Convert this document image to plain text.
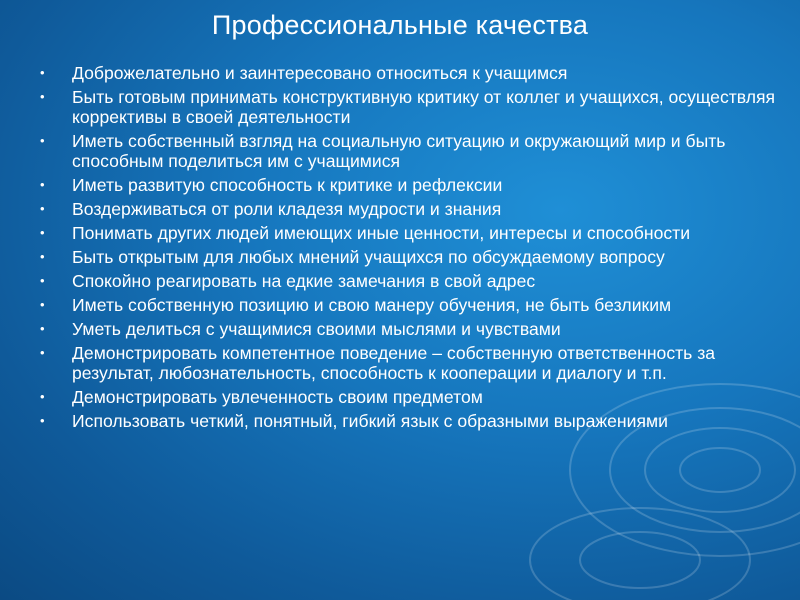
Профессиональные качества
•	Доброжелательно и заинтересовано относиться к учащимся
•	Быть готовым принимать конструктивную критику от коллег и учащихся, осуществляя коррективы в своей деятельности
•	Иметь собственный взгляд на социальную ситуацию и окружающий мир и быть способным поделиться им с учащимися
•	Иметь развитую способность к критике и рефлексии
•	Воздерживаться от роли кладезя мудрости и знания
•	Понимать других людей имеющих иные ценности, интересы и способности
•	Быть открытым для любых мнений учащихся по обсуждаемому вопросу
•	Спокойно реагировать на едкие замечания в свой адрес
•	Иметь собственную позицию и свою манеру обучения, не быть безликим
•	Уметь делиться с учащимися своими мыслями и чувствами
•	Демонстрировать компетентное поведение – собственную ответственность за результат, любознательность, способность к кооперации и диалогу и т.п.
•	Демонстрировать увлеченность своим предметом
•	Использовать четкий, понятный, гибкий язык с образными выражениями
